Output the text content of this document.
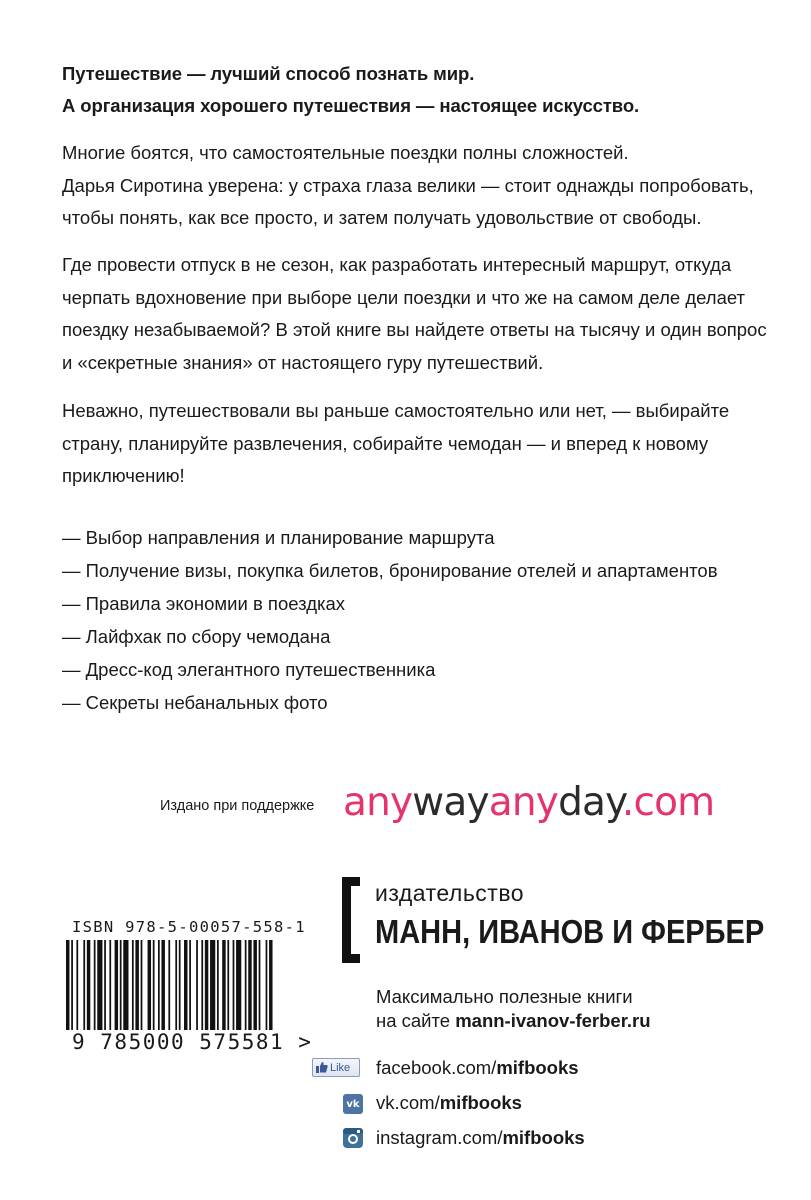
Путешествие — лучший способ познать мир.
А организация хорошего путешествия — настоящее искусство.

Многие боятся, что самостоятельные поездки полны сложностей.

Дарья Сиротина уверена: у страха глаза велики — стоит однажды попробовать,

чтобы понять, как все просто, и затем получать удовольствие от свободы.

Где провести отпуск в не сезон, как разработать интересный маршрут, откуда

черпать вдохновение при выборе цели поездки и что же на самом деле делает

поездку незабываемой? В этой книге вы найдете ответы на тысячу и один вопрос

и «секретные знания» от настоящего гуру путешествий.

Неважно, путешествовали вы раньше самостоятельно или нет, — выбирайте

страну, планируйте развлечения, собирайте чемодан — и вперед к новому

приключению!

— Выбор направления и планирование маршрута
— Получение визы, покупка билетов, бронирование отелей и апартаментов
— Правила экономии в поездках
— Лайфхак по сбору чемодана
— Дресс-код элегантного путешественника
— Секреты небанальных фото
Издано при поддержке anywayanyday.com
издательство
МАНН, ИВАНОВ И ФЕРБЕР
Максимально полезные книги
на сайте mann-ivanov-ferber.ru
ISBN 978-5-00057-558-1
9 785000 575581 >
Like facebook.com/mifbooks
vk vk.com/mifbooks
instagram.com/mifbooks
